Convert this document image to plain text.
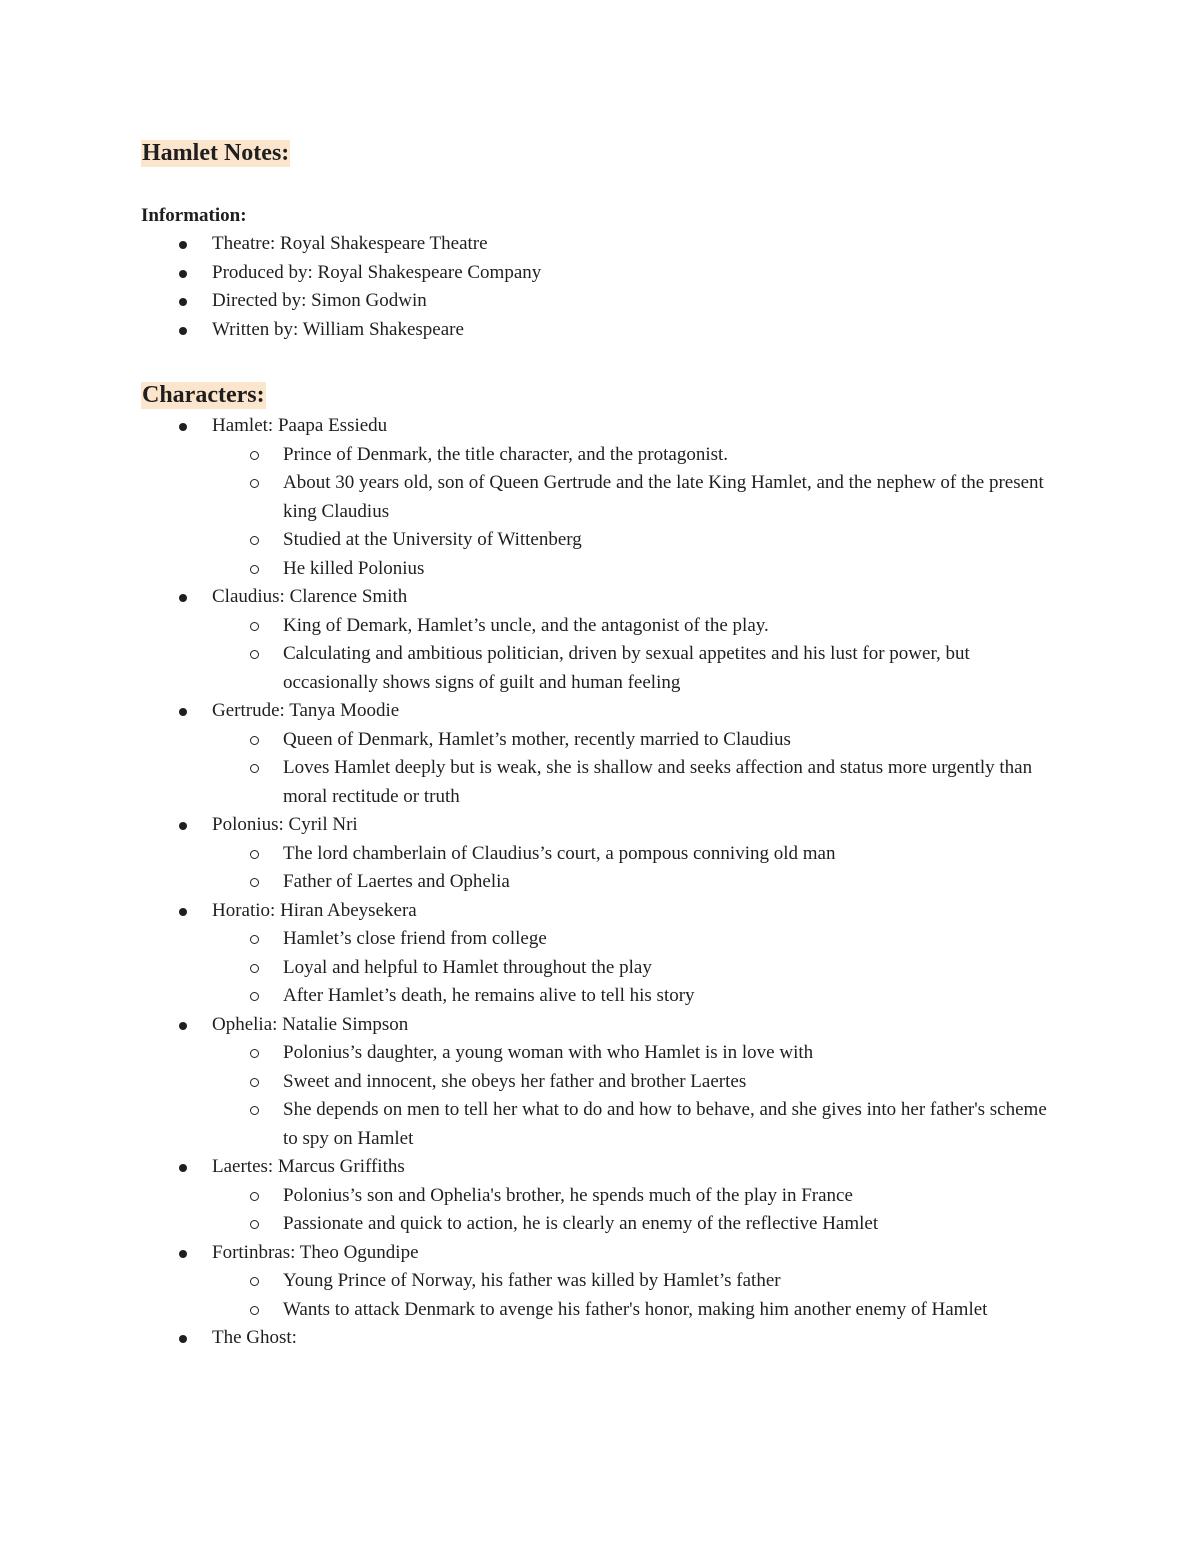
Hamlet Notes:
Information:
Theatre: Royal Shakespeare Theatre
Produced by: Royal Shakespeare Company
Directed by: Simon Godwin
Written by: William Shakespeare
Characters:
Hamlet: Paapa Essiedu
Prince of Denmark, the title character, and the protagonist.
About 30 years old, son of Queen Gertrude and the late King Hamlet, and the nephew of the present king Claudius
Studied at the University of Wittenberg
He killed Polonius
Claudius: Clarence Smith
King of Demark, Hamlet’s uncle, and the antagonist of the play.
Calculating and ambitious politician, driven by sexual appetites and his lust for power, but occasionally shows signs of guilt and human feeling
Gertrude: Tanya Moodie
Queen of Denmark, Hamlet’s mother, recently married to Claudius
Loves Hamlet deeply but is weak, she is shallow and seeks affection and status more urgently than moral rectitude or truth
Polonius: Cyril Nri
The lord chamberlain of Claudius’s court, a pompous conniving old man
Father of Laertes and Ophelia
Horatio: Hiran Abeysekera
Hamlet’s close friend from college
Loyal and helpful to Hamlet throughout the play
After Hamlet’s death, he remains alive to tell his story
Ophelia: Natalie Simpson
Polonius’s daughter, a young woman with who Hamlet is in love with
Sweet and innocent, she obeys her father and brother Laertes
She depends on men to tell her what to do and how to behave, and she gives into her father's scheme to spy on Hamlet
Laertes: Marcus Griffiths
Polonius’s son and Ophelia's brother, he spends much of the play in France
Passionate and quick to action, he is clearly an enemy of the reflective Hamlet
Fortinbras: Theo Ogundipe
Young Prince of Norway, his father was killed by Hamlet’s father
Wants to attack Denmark to avenge his father's honor, making him another enemy of Hamlet
The Ghost:
